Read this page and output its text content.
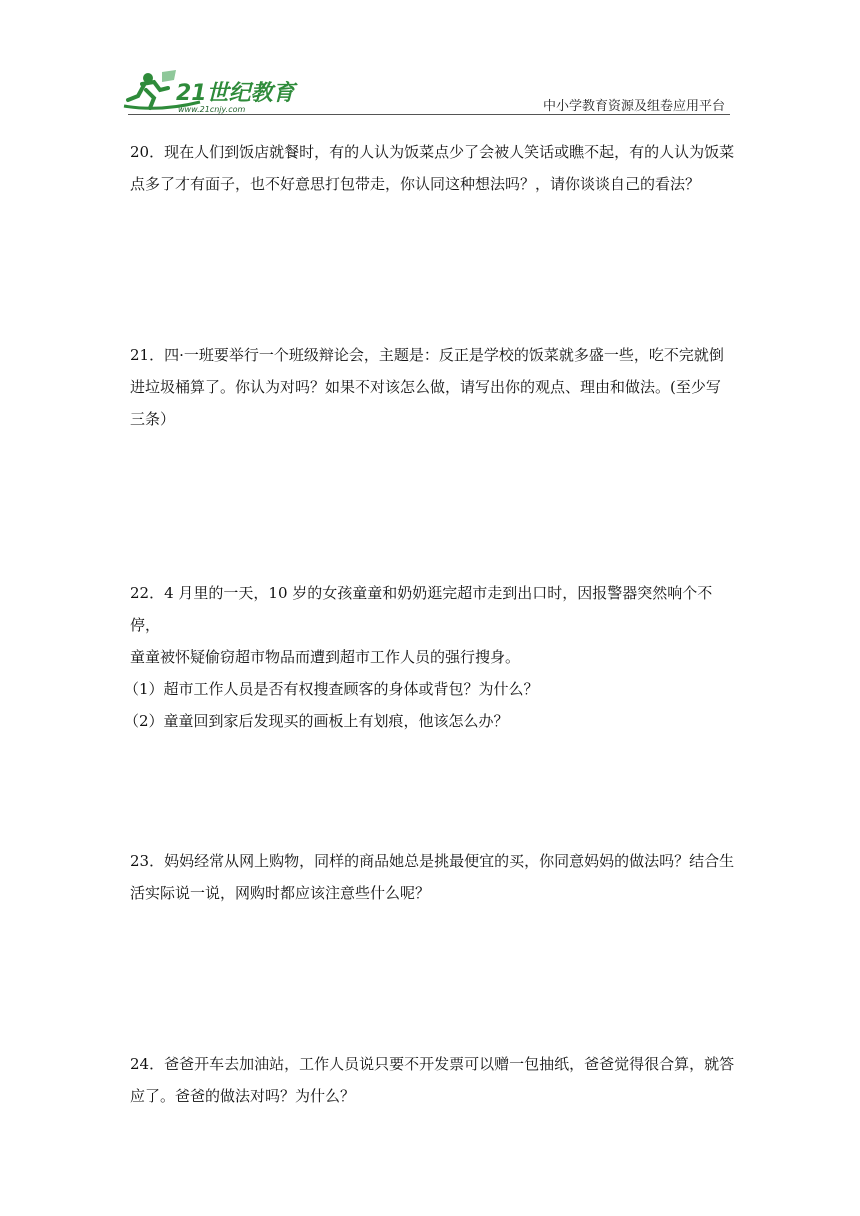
21世纪教育
www.21cnjy.com	中小学教育资源及组卷应用平台

20．现在人们到饭店就餐时，有的人认为饭菜点少了会被人笑话或瞧不起，有的人认为饭菜

点多了才有面子，也不好意思打包带走，你认同这种想法吗？，请你谈谈自己的看法？

21．四·一班要举行一个班级辩论会，主题是：反正是学校的饭菜就多盛一些，吃不完就倒

进垃圾桶算了。你认为对吗？如果不对该怎么做，请写出你的观点、理由和做法。(至少写

三条）

22．4 月里的一天，10 岁的女孩童童和奶奶逛完超市走到出口时，因报警器突然响个不停，

童童被怀疑偷窃超市物品而遭到超市工作人员的强行搜身。

（1）超市工作人员是否有权搜查顾客的身体或背包？为什么？

（2）童童回到家后发现买的画板上有划痕，他该怎么办？

23．妈妈经常从网上购物，同样的商品她总是挑最便宜的买，你同意妈妈的做法吗？结合生

活实际说一说，网购时都应该注意些什么呢？

24．爸爸开车去加油站，工作人员说只要不开发票可以赠一包抽纸，爸爸觉得很合算，就答

应了。爸爸的做法对吗？为什么？
